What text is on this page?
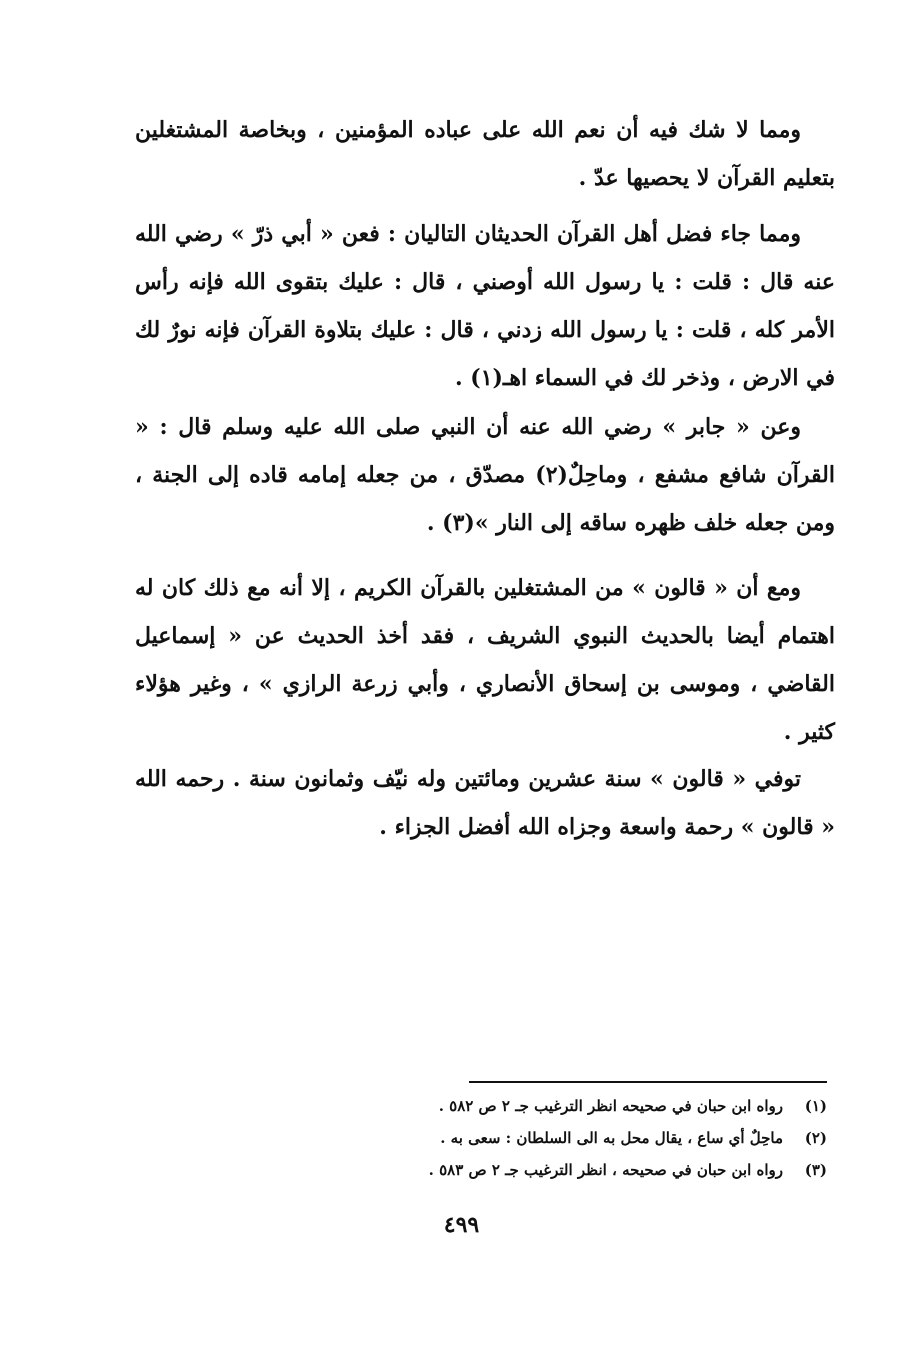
ومما لا شك فيه أن نعم الله على عباده المؤمنين ، وبخاصة المشتغلين بتعليم القرآن لا يحصيها عدّ .

ومما جاء فضل أهل القرآن الحديثان التاليان : فعن « أبي ذرّ » رضي الله عنه قال : قلت : يا رسول الله أوصني ، قال : عليك بتقوى الله فإنه رأس الأمر كله ، قلت : يا رسول الله زدني ، قال : عليك بتلاوة القرآن فإنه نورٌ لك في الارض ، وذخر لك في السماء اهـ(١) .

وعن « جابر » رضي الله عنه أن النبي صلى الله عليه وسلم قال : « القرآن شافع مشفع ، وماحِلٌ(٢) مصدّق ، من جعله إمامه قاده إلى الجنة ، ومن جعله خلف ظهره ساقه إلى النار »(٣) .

ومع أن « قالون » من المشتغلين بالقرآن الكريم ، إلا أنه مع ذلك كان له اهتمام أيضا بالحديث النبوي الشريف ، فقد أخذ الحديث عن « إسماعيل القاضي ، وموسى بن إسحاق الأنصاري ، وأبي زرعة الرازي » ، وغير هؤلاء كثير .

توفي « قالون » سنة عشرين ومائتين وله نيّف وثمانون سنة . رحمه الله « قالون » رحمة واسعة وجزاه الله أفضل الجزاء .

(١)
رواه ابن حبان في صحيحه انظر الترغيب جـ ٢ ص ٥٨٢ .
(٢)
ماحِلٌ أي ساع ، يقال محل به الى السلطان : سعى به .
(٣)
رواه ابن حبان في صحيحه ، انظر الترغيب جـ ٢ ص ٥٨٣ .
٤٩٩
